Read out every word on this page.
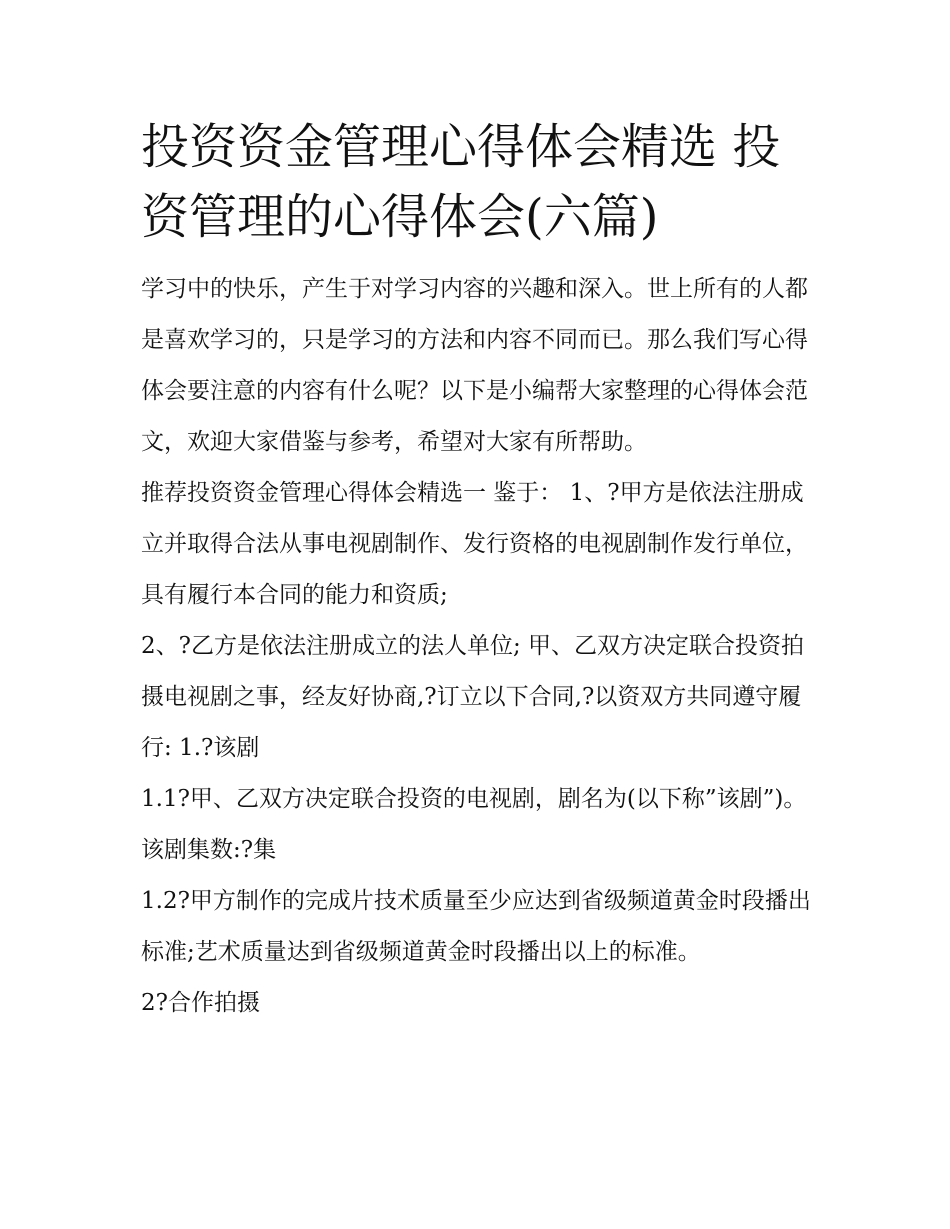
投资资金管理心得体会精选 投资管理的心得体会(六篇)

学习中的快乐，产生于对学习内容的兴趣和深入。世上所有的人都是喜欢学习的，只是学习的方法和内容不同而已。那么我们写心得体会要注意的内容有什么呢？以下是小编帮大家整理的心得体会范文，欢迎大家借鉴与参考，希望对大家有所帮助。

推荐投资资金管理心得体会精选一 鉴于： 1、?甲方是依法注册成立并取得合法从事电视剧制作、发行资格的电视剧制作发行单位，具有履行本合同的能力和资质;

2、?乙方是依法注册成立的法人单位; 甲、乙双方决定联合投资拍摄电视剧之事，经友好协商,?订立以下合同,?以资双方共同遵守履行: 1.?该剧

1.1?甲、乙双方决定联合投资的电视剧，剧名为(以下称”该剧”)。 该剧集数:?集

1.2?甲方制作的完成片技术质量至少应达到省级频道黄金时段播出标准;艺术质量达到省级频道黄金时段播出以上的标准。

2?合作拍摄
